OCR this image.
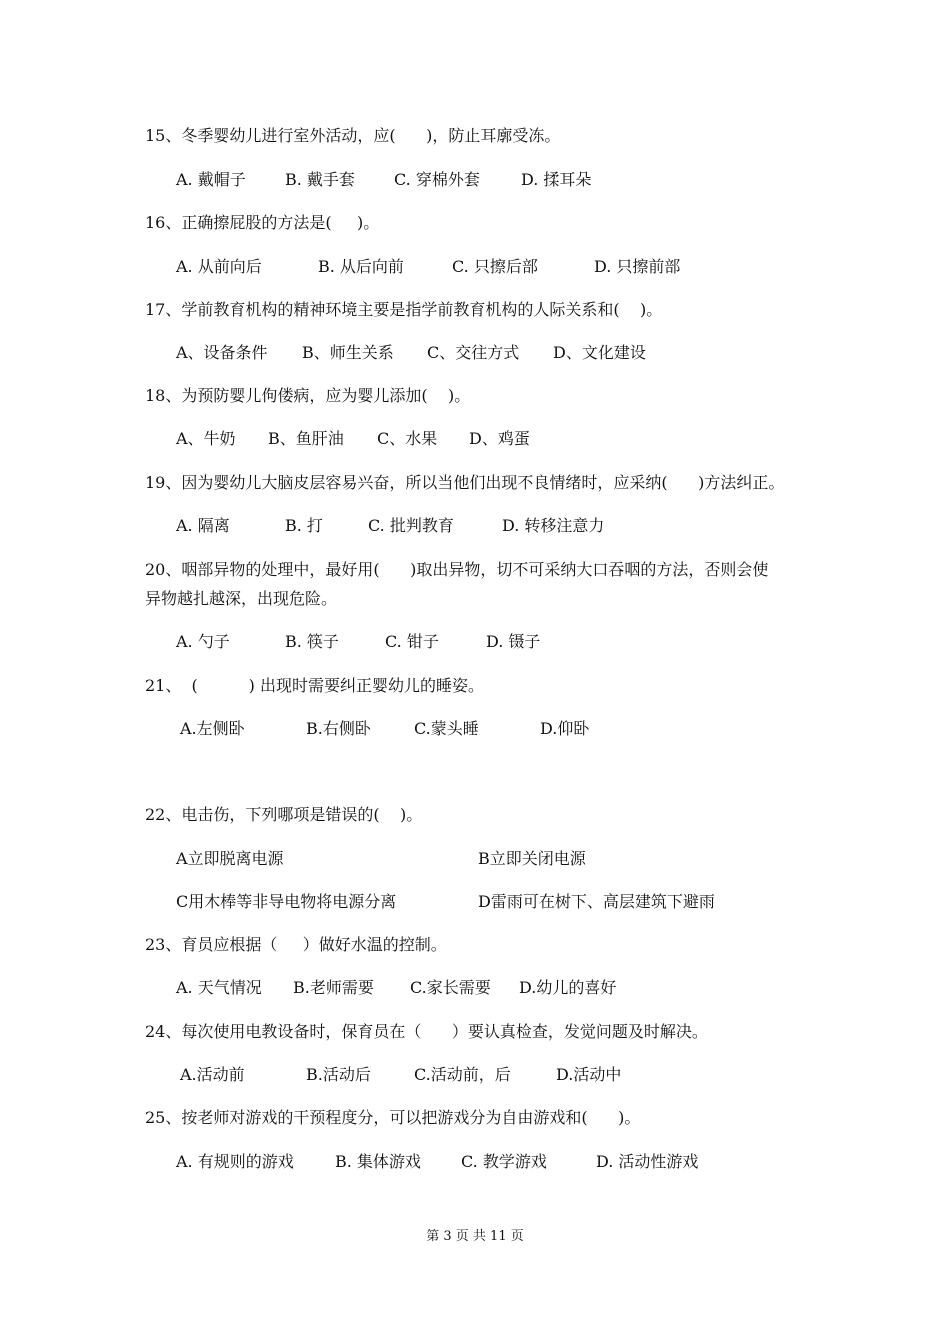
15、冬季婴幼儿进行室外活动，应(      )，防止耳廓受冻。
A. 戴帽子 B. 戴手套 C. 穿棉外套	D. 揉耳朵
16、正确擦屁股的方法是(     )。
A. 从前向后	B. 从后向前	C. 只擦后部	D. 只擦前部
17、学前教育机构的精神环境主要是指学前教育机构的人际关系和(    )。
A、设备条件 B、师生关系 C、交往方式 D、文化建设
18、为预防婴儿佝偻病，应为婴儿添加(    )。
A、牛奶 B、鱼肝油 C、水果 D、鸡蛋
19、因为婴幼儿大脑皮层容易兴奋，所以当他们出现不良情绪时，应采纳(      )方法纠正。
A. 隔离	B. 打	C. 批判教育	D. 转移注意力
20、咽部异物的处理中，最好用(      )取出异物，切不可采纳大口吞咽的方法，否则会使
异物越扎越深，出现危险。
A. 勺子	B. 筷子	C. 钳子	D. 镊子
21、  (          ) 出现时需要纠正婴幼儿的睡姿。
A.左侧卧	B.右侧卧	C.蒙头睡	D.仰卧
22、电击伤，下列哪项是错误的(    )。
A立即脱离电源	B立即关闭电源
C用木棒等非导电物将电源分离	D雷雨可在树下、高层建筑下避雨
23、育员应根据（     ）做好水温的控制。
A. 天气情况 B.老师需要 C.家长需要 D.幼儿的喜好
24、每次使用电教设备时，保育员在（      ）要认真检查，发觉问题及时解决。
A.活动前	B.活动后	C.活动前，后	D.活动中
25、按老师对游戏的干预程度分，可以把游戏分为自由游戏和(      )。
A. 有规则的游戏	B. 集体游戏	C. 教学游戏	D. 活动性游戏
第 3 页 共 11 页
